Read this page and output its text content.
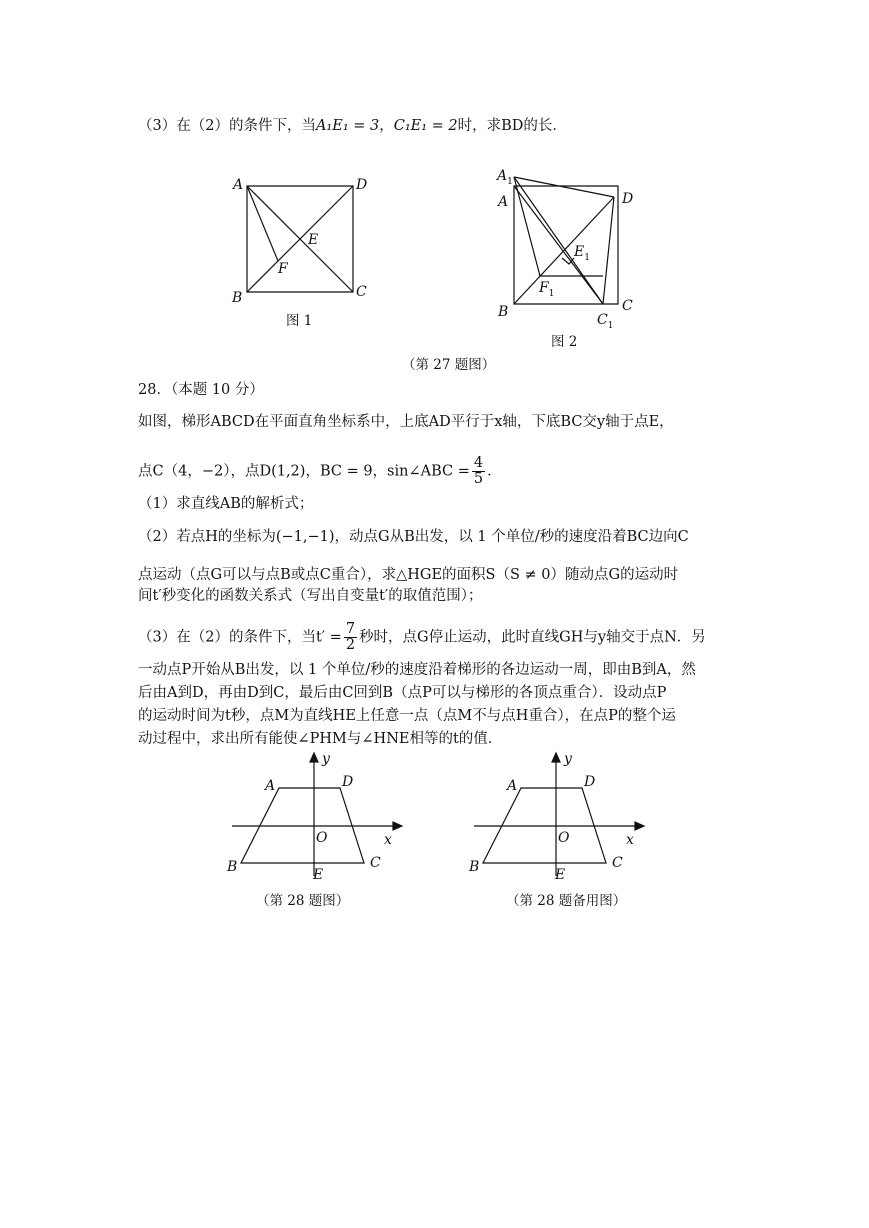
（3）在（2）的条件下，当A₁E₁ = 3，C₁E₁ = 2时，求BD的长．
A	D
B	C
E
F
图 1
$A_1$
A	D
B	C
$C_1$
$E_1$
$F_1$
图 2
（第 27 题图）
28．（本题 10 分）
如图，梯形ABCD在平面直角坐标系中，上底AD平行于x轴，下底BC交y轴于点E，
点C（4，−2），点D(1,2)，BC = 9，sin∠ABC = $\frac{4}{5}$ ．
（1）求直线AB的解析式；
（2）若点H的坐标为(−1,−1)，动点G从B出发，以 1 个单位/秒的速度沿着BC边向C
点运动（点G可以与点B或点C重合），求△HGE的面积S（S ≠ 0）随动点G的运动时
间t′秒变化的函数关系式（写出自变量t′的取值范围）；
（3）在（2）的条件下，当$t' = \frac{7}{2}$ 秒时，点G停止运动，此时直线GH与y轴交于点N．另
一动点P开始从B出发，以 1 个单位/秒的速度沿着梯形的各边运动一周，即由B到A，然
后由A到D，再由D到C，最后由C回到B（点P可以与梯形的各顶点重合）．设动点P
的运动时间为t秒，点M为直线HE上任意一点（点M不与点H重合），在点P的整个运
动过程中，求出所有能使∠PHM与∠HNE相等的t的值．
A	D
B	C
E
O	x
y
（第 28 题图）
A	D
B	C
E
O	x
y
（第 28 题备用图）
